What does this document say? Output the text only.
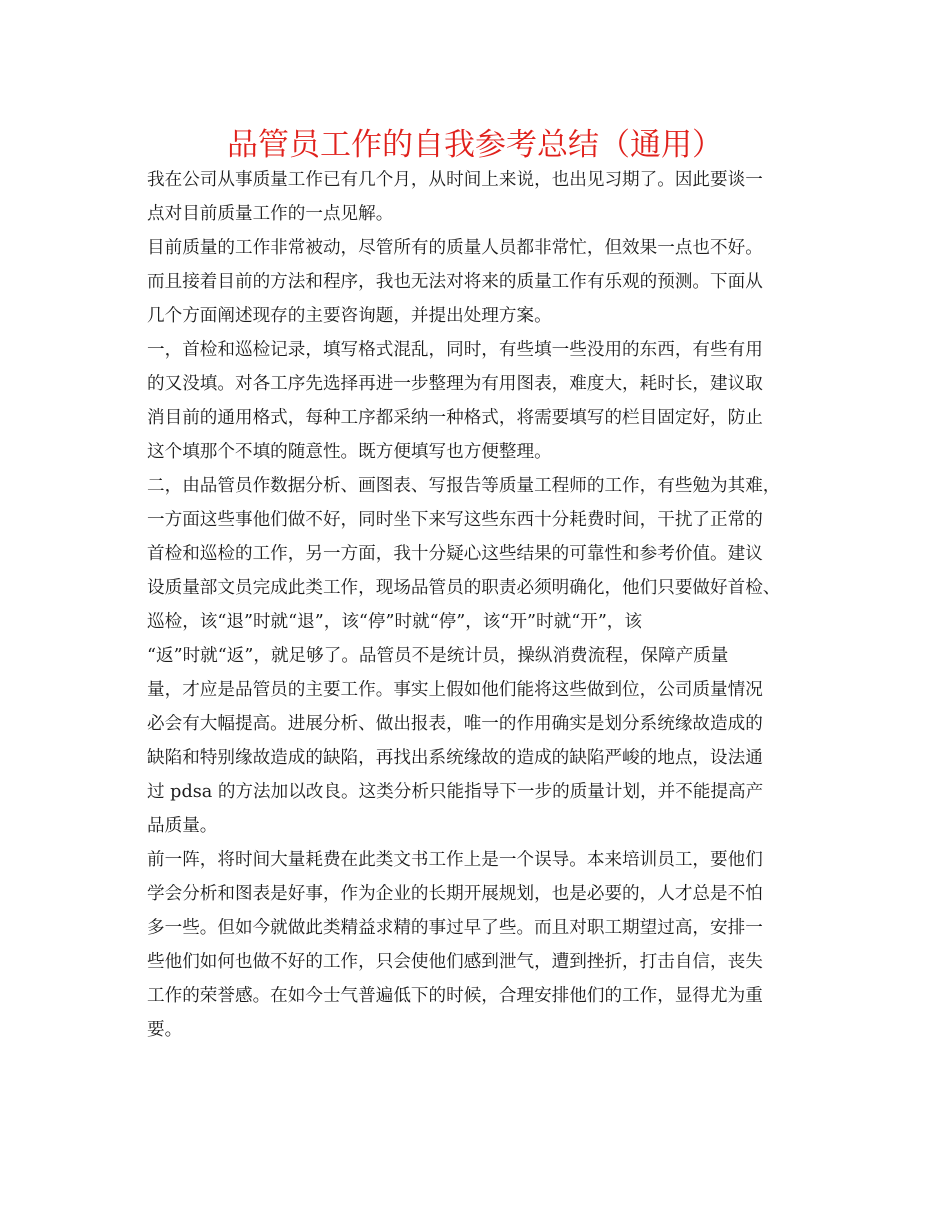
品管员工作的自我参考总结（通用）
我在公司从事质量工作已有几个月，从时间上来说，也出见习期了。因此要谈一
点对目前质量工作的一点见解。
目前质量的工作非常被动，尽管所有的质量人员都非常忙，但效果一点也不好。
而且接着目前的方法和程序，我也无法对将来的质量工作有乐观的预测。下面从
几个方面阐述现存的主要咨询题，并提出处理方案。
一，首检和巡检记录，填写格式混乱，同时，有些填一些没用的东西，有些有用
的又没填。对各工序先选择再进一步整理为有用图表，难度大，耗时长，建议取
消目前的通用格式，每种工序都采纳一种格式，将需要填写的栏目固定好，防止
这个填那个不填的随意性。既方便填写也方便整理。
二，由品管员作数据分析、画图表、写报告等质量工程师的工作，有些勉为其难，
一方面这些事他们做不好，同时坐下来写这些东西十分耗费时间，干扰了正常的
首检和巡检的工作，另一方面，我十分疑心这些结果的可靠性和参考价值。建议
设质量部文员完成此类工作，现场品管员的职责必须明确化，他们只要做好首检、
巡检，该“退”时就“退”，该“停”时就“停”，该“开”时就“开”，该
“返”时就“返”，就足够了。品管员不是统计员，操纵消费流程，保障产质量
量，才应是品管员的主要工作。事实上假如他们能将这些做到位，公司质量情况
必会有大幅提高。进展分析、做出报表，唯一的作用确实是划分系统缘故造成的
缺陷和特别缘故造成的缺陷，再找出系统缘故的造成的缺陷严峻的地点，设法通
过 pdsa 的方法加以改良。这类分析只能指导下一步的质量计划，并不能提高产
品质量。
前一阵，将时间大量耗费在此类文书工作上是一个误导。本来培训员工，要他们
学会分析和图表是好事，作为企业的长期开展规划，也是必要的，人才总是不怕
多一些。但如今就做此类精益求精的事过早了些。而且对职工期望过高，安排一
些他们如何也做不好的工作，只会使他们感到泄气，遭到挫折，打击自信，丧失
工作的荣誉感。在如今士气普遍低下的时候，合理安排他们的工作，显得尤为重
要。
